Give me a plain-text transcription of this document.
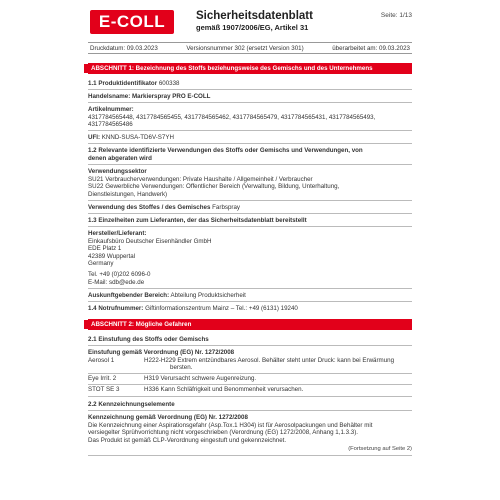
E-COLL	Sicherheitsdatenblatt
gemäß 1907/2006/EG, Artikel 31
Seite: 1/13
Druckdatum: 09.03.2023	Versionsnummer 302 (ersetzt Version 301)	überarbeitet am: 09.03.2023
ABSCHNITT 1: Bezeichnung des Stoffs beziehungsweise des Gemischs und des Unternehmens
1.1 Produktidentifikator 600338
Handelsname: Markierspray PRO E-COLL
Artikelnummer:
4317784565448, 4317784565455, 4317784565462, 4317784565479, 4317784565431, 4317784565493,
4317784565486
UFI: KNND-SUSA-TD6V-S7YH
1.2 Relevante identifizierte Verwendungen des Stoffs oder Gemischs und Verwendungen, von
denen abgeraten wird
Verwendungssektor
SU21 Verbraucherverwendungen: Private Haushalte / Allgemeinheit / Verbraucher
SU22 Gewerbliche Verwendungen: Öffentlicher Bereich (Verwaltung, Bildung, Unterhaltung,
Dienstleistungen, Handwerk)
Verwendung des Stoffes / des Gemisches Farbspray
1.3 Einzelheiten zum Lieferanten, der das Sicherheitsdatenblatt bereitstellt
Hersteller/Lieferant:
Einkaufsbüro Deutscher Eisenhändler GmbH
EDE Platz 1
42389 Wuppertal
Germany
Tel. +49 (0)202 6096-0
E-Mail: sdb@ede.de
Auskunftgebender Bereich: Abteilung Produktsicherheit
1.4 Notrufnummer: Giftinformationszentrum Mainz – Tel.: +49 (6131) 19240
ABSCHNITT 2: Mögliche Gefahren
2.1 Einstufung des Stoffs oder Gemischs
Einstufung gemäß Verordnung (EG) Nr. 1272/2008
Aerosol 1	H222-H229 Extrem entzündbares Aerosol. Behälter steht unter Druck: kann bei Erwärmung
bersten.
Eye Irrit. 2	H319 Verursacht schwere Augenreizung.
STOT SE 3	H336 Kann Schläfrigkeit und Benommenheit verursachen.
2.2 Kennzeichnungselemente
Kennzeichnung gemäß Verordnung (EG) Nr. 1272/2008
Die Kennzeichnung einer Aspirationsgefahr (Asp.Tox.1 H304) ist für Aerosolpackungen und Behälter mit
versiegelter Sprühvorrichtung nicht vorgeschrieben (Verordnung (EG) 1272/2008, Anhang 1,1.3.3).
Das Produkt ist gemäß CLP-Verordnung eingestuft und gekennzeichnet.
(Fortsetzung auf Seite 2)
